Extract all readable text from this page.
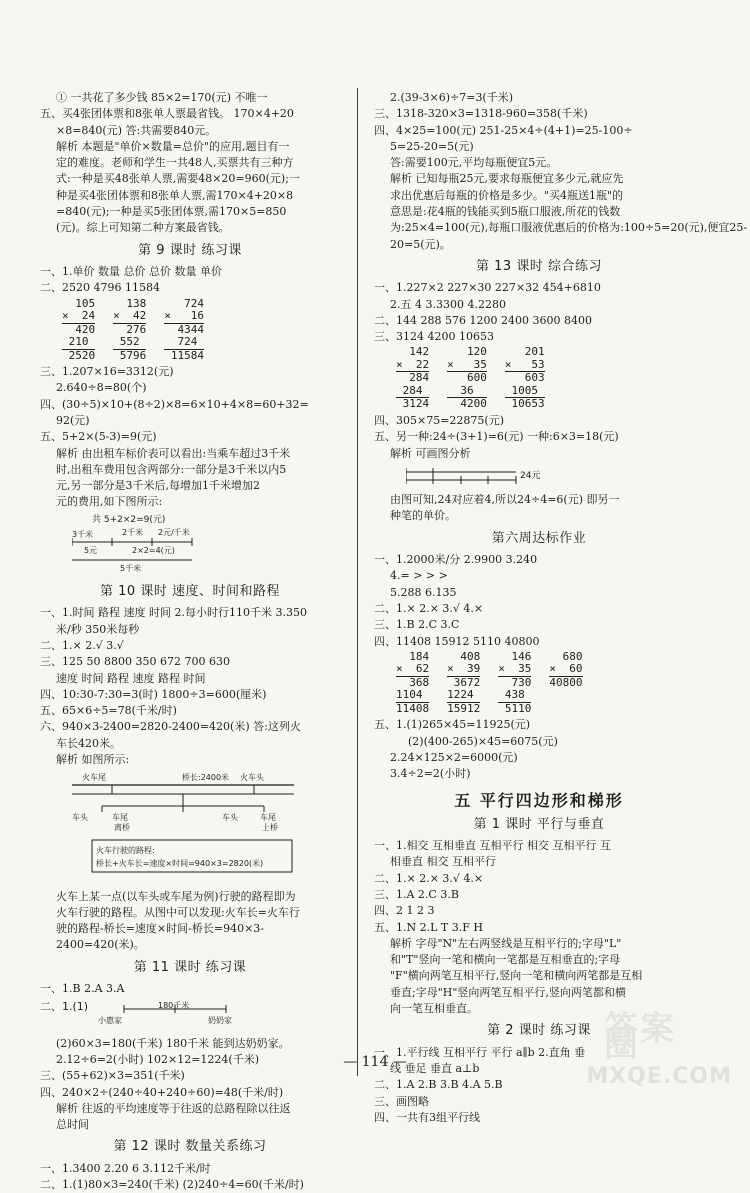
① 一共花了多少钱 85×2=170(元) 不唯一
五、买4张团体票和8张单人票最省钱。 170×4+20
×8=840(元) 答:共需要840元。
解析 本题是"单价×数量=总价"的应用,题目有一
定的难度。老师和学生一共48人,买票共有三种方
式:一种是买48张单人票,需要48×20=960(元);一
种是买4张团体票和8张单人票,需170×4+20×8
=840(元);一种是买5张团体票,需170×5=850
(元)。综上可知第二种方案最省钱。
第 9 课时 练习课
一、1.单价 数量 总价 总价 数量 单价
二、2520 4796 11584
105
×  24
420
210
2520
138
×  42
276
552
5796
724
×   16
4344
724
11584
三、1.207×16=3312(元)
2.640÷8=80(个)
四、(30÷5)×10+(8÷2)×8=6×10+4×8=60+32=
92(元)
五、5+2×(5-3)=9(元)
解析 由出租车标价表可以看出:当乘车超过3千米
时,出租车费用包含两部分:一部分是3千米以内5
元,另一部分是3千米后,每增加1千米增加2
元的费用,如下图所示:
共 5+2×2=9(元)
3千米	2千米 2元/千米
5元	2×2=4(元)
5千米
第 10 课时 速度、时间和路程
一、1.时间 路程 速度 时间 2.每小时行110千米 3.350
米/秒 350米每秒
二、1.× 2.√ 3.√
三、125 50 8800 350 672 700 630
速度 时间 路程 速度 路程 时间
四、10:30-7:30=3(时) 1800÷3=600(厘米)
五、65×6÷5=78(千米/时)
六、940×3-2400=2820-2400=420(米) 答:这列火
车长420米。
解析 如图所示:
火车尾	桥长:2400米 火车头
车头	车尾
离桥
车头	车尾
上桥
火车行驶的路程:
桥长+火车长=速度×时间=940×3=2820(米)
火车上某一点(以车头或车尾为例)行驶的路程即为
火车行驶的路程。从图中可以发现:火车长=火车行
驶的路程-桥长=速度×时间-桥长=940×3-
2400=420(米)。
第 11 课时 练习课
一、1.B 2.A 3.A
二、1.(1)	180千米
小惠家	奶奶家
(2)60×3=180(千米) 180千米 能到达奶奶家。
2.12÷6=2(小时) 102×12=1224(千米)
三、(55+62)×3=351(千米)
四、240×2÷(240÷40+240÷60)=48(千米/时)
解析 往返的平均速度等于往返的总路程除以往返
总时间
第 12 课时 数量关系练习
一、1.3400 2.20 6 3.112千米/时
二、1.(1)80×3=240(千米) (2)240÷4=60(千米/时)
2.(39-3×6)÷7=3(千米)
三、1318-320×3=1318-960=358(千米)
四、4×25=100(元) 251-25×4÷(4+1)=25-100÷
5=25-20=5(元)
答:需要100元,平均每瓶便宜5元。
解析 已知每瓶25元,要求每瓶便宜多少元,就应先
求出优惠后每瓶的价格是多少。"买4瓶送1瓶"的
意思是:花4瓶的钱能买到5瓶口服液,所花的钱数
为:25×4=100(元),每瓶口服液优惠后的价格为:100÷5=20(元),便宜25-
20=5(元)。
第 13 课时 综合练习
一、1.227×2 227×30 227×32 454+6810
2.五 4 3.3300 4.2280
二、144 288 576 1200 2400 3600 8400
三、3124 4200 10653
142
×  22
284
284
3124
120
×   35
600
36
4200
201
×   53
603
1005
10653
四、305×75=22875(元)
五、另一种:24÷(3+1)=6(元) 一种:6×3=18(元)
解析 可画图分析
24元
由图可知,24对应着4,所以24÷4=6(元) 即另一
种笔的单价。
第六周达标作业
一、1.2000米/分 2.9900 3.240
4.= > > >
5.288 6.135
二、1.× 2.× 3.√ 4.×
三、1.B 2.C 3.C
四、11408 15912 5110 40800
184
×  62
368
1104
11408
408
×  39
3672
1224
15912
146
×  35
730
438
5110
680
×  60
40800
五、1.(1)265×45=11925(元)
(2)(400-265)×45=6075(元)
2.24×125×2=6000(元)
3.4÷2=2(小时)
五 平行四边形和梯形
第 1 课时 平行与垂直
一、1.相交 互相垂直 互相平行 相交 互相平行 互
相垂直 相交 互相平行
二、1.× 2.× 3.√ 4.×
三、1.A 2.C 3.B
四、2 1 2 3
五、1.N 2.L T 3.F H
解析 字母"N"左右两竖线是互相平行的;字母"L"
和"T"竖向一笔和横向一笔都是互相垂直的;字母
"F"横向两笔互相平行,竖向一笔和横向两笔都是互相
垂直;字母"H"竖向两笔互相平行,竖向两笔都和横
向一笔互相垂直。
第 2 课时 练习课
一、1.平行线 互相平行 平行 a∥b 2.直角 垂
线 垂足 垂直 a⊥b
二、1.A 2.B 3.B 4.A 5.B
三、画图略
四、一共有3组平行线
— 114 —
答案圈
MXQE.COM
